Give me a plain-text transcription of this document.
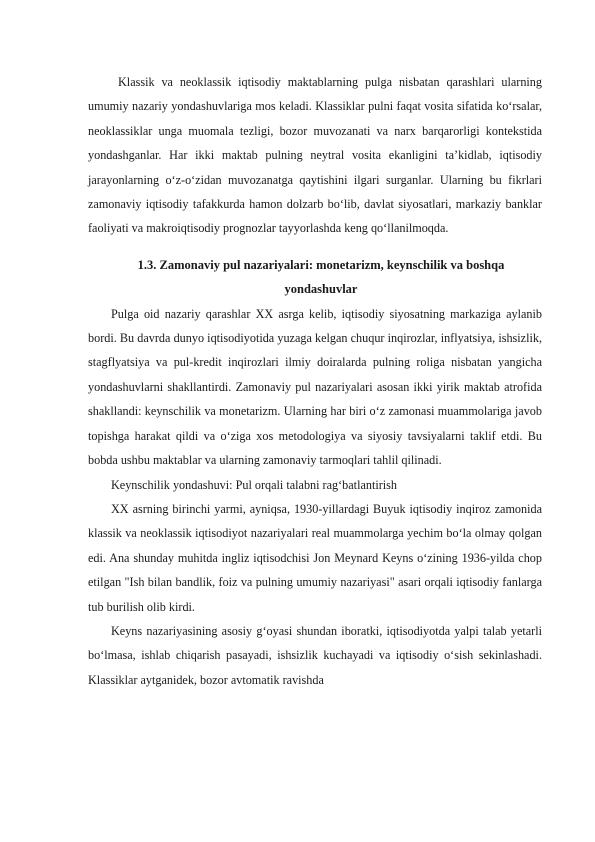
Klassik va neoklassik iqtisodiy maktablarning pulga nisbatan qarashlari ularning umumiy nazariy yondashuvlariga mos keladi. Klassiklar pulni faqat vosita sifatida ko‘rsalar, neoklassiklar unga muomala tezligi, bozor muvozanati va narx barqarorligi kontekstida yondashganlar. Har ikki maktab pulning neytral vosita ekanligini ta’kidlab, iqtisodiy jarayonlarning o‘z-o‘zidan muvozanatga qaytishini ilgari surganlar. Ularning bu fikrlari zamonaviy iqtisodiy tafakkurda hamon dolzarb bo‘lib, davlat siyosatlari, markaziy banklar faoliyati va makroiqtisodiy prognozlar tayyorlashda keng qo‘llanilmoqda.

1.3. Zamonaviy pul nazariyalari: monetarizm, keynschilik va boshqa yondashuvlar

Pulga oid nazariy qarashlar XX asrga kelib, iqtisodiy siyosatning markaziga aylanib bordi. Bu davrda dunyo iqtisodiyotida yuzaga kelgan chuqur inqirozlar, inflyatsiya, ishsizlik, stagflyatsiya va pul-kredit inqirozlari ilmiy doiralarda pulning roliga nisbatan yangicha yondashuvlarni shakllantirdi. Zamonaviy pul nazariyalari asosan ikki yirik maktab atrofida shakllandi: keynschilik va monetarizm. Ularning har biri o‘z zamonasi muammolariga javob topishga harakat qildi va o‘ziga xos metodologiya va siyosiy tavsiyalarni taklif etdi. Bu bobda ushbu maktablar va ularning zamonaviy tarmoqlari tahlil qilinadi.

Keynschilik yondashuvi: Pul orqali talabni rag‘batlantirish

XX asrning birinchi yarmi, ayniqsa, 1930-yillardagi Buyuk iqtisodiy inqiroz zamonida klassik va neoklassik iqtisodiyot nazariyalari real muammolarga yechim bo‘la olmay qolgan edi. Ana shunday muhitda ingliz iqtisodchisi Jon Meynard Keyns o‘zining 1936-yilda chop etilgan "Ish bilan bandlik, foiz va pulning umumiy nazariyasi" asari orqali iqtisodiy fanlarga tub burilish olib kirdi.

Keyns nazariyasining asosiy g‘oyasi shundan iboratki, iqtisodiyotda yalpi talab yetarli bo‘lmasa, ishlab chiqarish pasayadi, ishsizlik kuchayadi va iqtisodiy o‘sish sekinlashadi. Klassiklar aytganidek, bozor avtomatik ravishda
